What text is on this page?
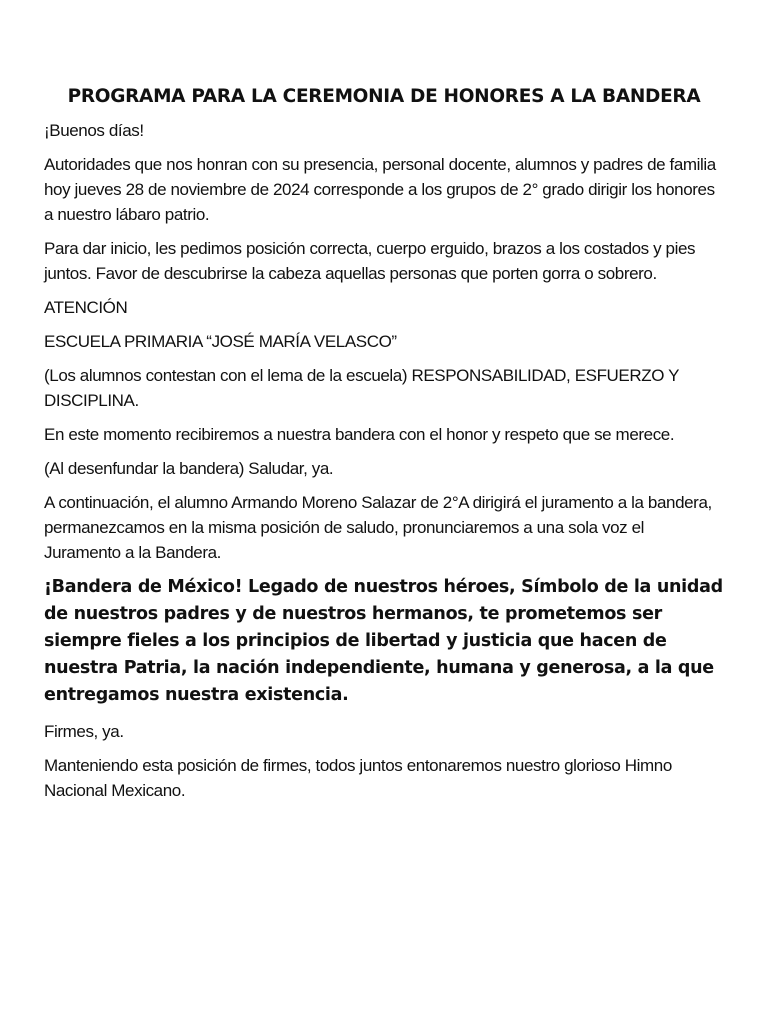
PROGRAMA PARA LA CEREMONIA DE HONORES A LA BANDERA

¡Buenos días!

Autoridades que nos honran con su presencia, personal docente, alumnos y padres de familia hoy jueves 28 de noviembre de 2024 corresponde a los grupos de 2° grado dirigir los honores a nuestro lábaro patrio.

Para dar inicio, les pedimos posición correcta, cuerpo erguido, brazos a los costados y pies juntos. Favor de descubrirse la cabeza aquellas personas que porten gorra o sobrero.

ATENCIÓN

ESCUELA PRIMARIA “JOSÉ MARÍA VELASCO”

(Los alumnos contestan con el lema de la escuela) RESPONSABILIDAD, ESFUERZO Y DISCIPLINA.

En este momento recibiremos a nuestra bandera con el honor y respeto que se merece.

(Al desenfundar la bandera) Saludar, ya.

A continuación, el alumno Armando Moreno Salazar de 2°A dirigirá el juramento a la bandera, permanezcamos en la misma posición de saludo, pronunciaremos a una sola voz el Juramento a la Bandera.

¡Bandera de México! Legado de nuestros héroes, Símbolo de la unidad de nuestros padres y de nuestros hermanos, te prometemos ser siempre fieles a los principios de libertad y justicia que hacen de nuestra Patria, la nación independiente, humana y generosa, a la que entregamos nuestra existencia.

Firmes, ya.

Manteniendo esta posición de firmes, todos juntos entonaremos nuestro glorioso Himno Nacional Mexicano.
